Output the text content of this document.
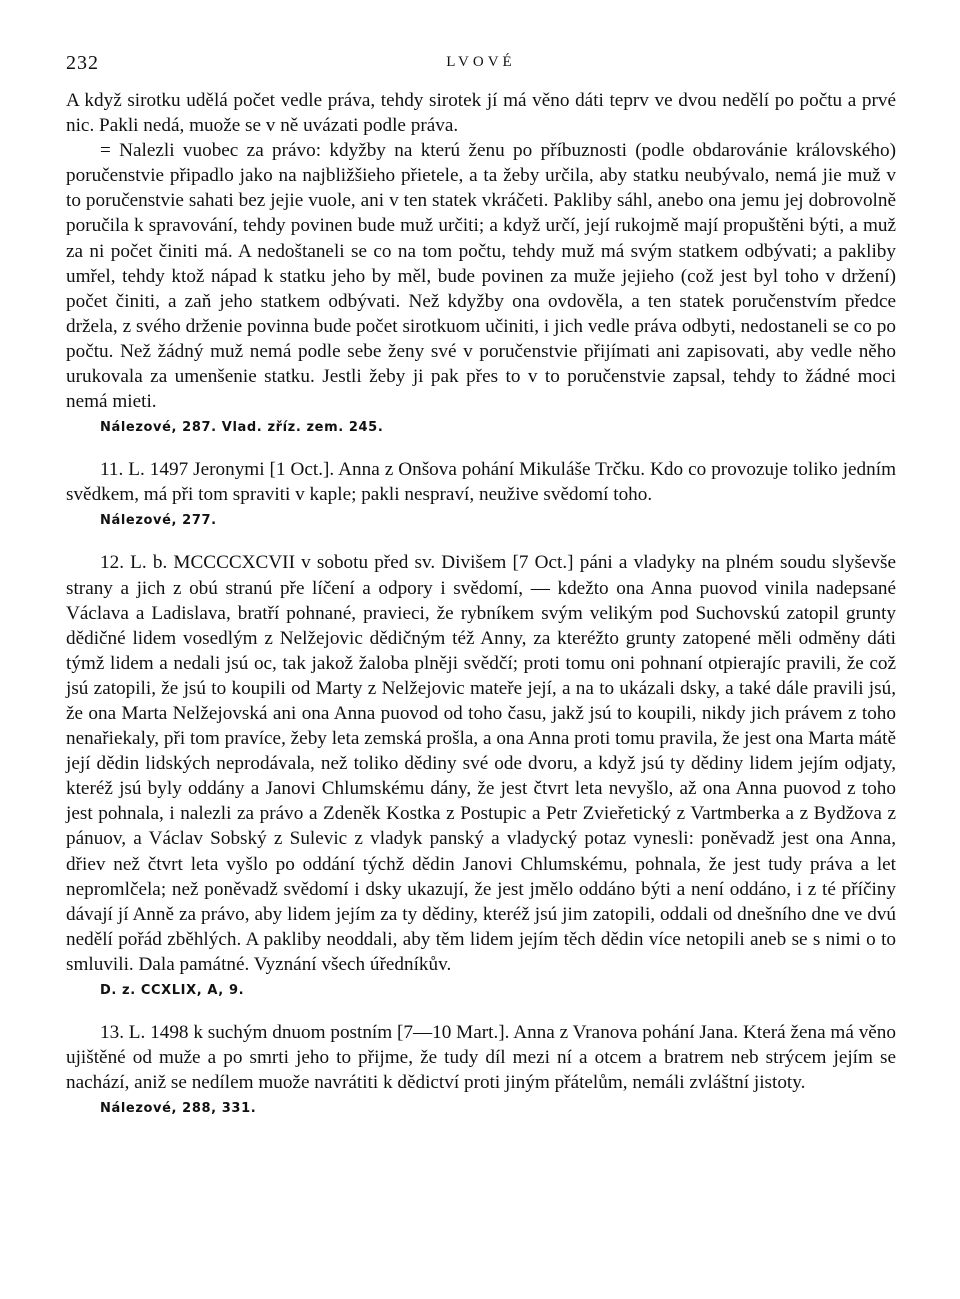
232	LVOVÉ

A když sirotku udělá počet vedle práva, tehdy sirotek jí má věno dáti teprv ve dvou nedělí po počtu a prvé nic. Pakli nedá, muože se v ně uvázati podle práva.

= Nalezli vuobec za právo: kdyžby na kterú ženu po příbuznosti (podle obdarovánie královského) poručenstvie připadlo jako na najbližšieho přietele, a ta žeby určila, aby statku neubývalo, nemá jie muž v to poručenstvie sahati bez jejie vuole, ani v ten statek vkráčeti. Pakliby sáhl, anebo ona jemu jej dobrovolně poručila k spravování, tehdy povinen bude muž určiti; a když určí, její rukojmě mají propuštěni býti, a muž za ni počet činiti má. A nedoštaneli se co na tom počtu, tehdy muž má svým statkem odbývati; a pakliby umřel, tehdy ktož nápad k statku jeho by měl, bude povinen za muže jejieho (což jest byl toho v držení) počet činiti, a zaň jeho statkem odbývati. Než kdyžby ona ovdověla, a ten statek poručenstvím předce držela, z svého drženie povinna bude počet sirotkuom učiniti, i jich vedle práva odbyti, nedostaneli se co po počtu. Než žádný muž nemá podle sebe ženy své v poručenstvie přijímati ani zapisovati, aby vedle něho urukovala za umenšenie statku. Jestli žeby ji pak přes to v to poručenstvie zapsal, tehdy to žádné moci nemá mieti.

Nálezové, 287. Vlad. zříz. zem. 245.

11. L. 1497 Jeronymi [1 Oct.]. Anna z Onšova pohání Mikuláše Trčku. Kdo co provozuje toliko jedním svědkem, má při tom spraviti v kaple; pakli nespraví, neužive svědomí toho.

Nálezové, 277.

12. L. b. MCCCCXCVII v sobotu před sv. Divišem [7 Oct.] páni a vladyky na plném soudu slyševše strany a jich z obú stranú pře líčení a odpory i svědomí, — kdežto ona Anna puovod vinila nadepsané Václava a Ladislava, bratří pohnané, pravieci, že rybníkem svým velikým pod Suchovskú zatopil grunty dědičné lidem vosedlým z Nelžejovic dědičným též Anny, za kteréžto grunty zatopené měli odměny dáti týmž lidem a nedali jsú oc, tak jakož žaloba plněji svědčí; proti tomu oni pohnaní otpierajíc pravili, že což jsú zatopili, že jsú to koupili od Marty z Nelžejovic mateře její, a na to ukázali dsky, a také dále pravili jsú, že ona Marta Nelžejovská ani ona Anna puovod od toho času, jakž jsú to koupili, nikdy jich právem z toho nenařiekaly, při tom pravíce, žeby leta zemská prošla, a ona Anna proti tomu pravila, že jest ona Marta mátě její dědin lidských neprodávala, než toliko dědiny své ode dvoru, a když jsú ty dědiny lidem jejím odjaty, kteréž jsú byly oddány a Janovi Chlumskému dány, že jest čtvrt leta nevyšlo, až ona Anna puovod z toho jest pohnala, i nalezli za právo a Zdeněk Kostka z Postupic a Petr Zvieřetický z Vartmberka a z Bydžova z pánuov, a Václav Sobský z Sulevic z vladyk panský a vladycký potaz vynesli: poněvadž jest ona Anna, dřiev než čtvrt leta vyšlo po oddání týchž dědin Janovi Chlumskému, pohnala, že jest tudy práva a let nepromlčela; než poněvadž svědomí i dsky ukazují, že jest jmělo oddáno býti a není oddáno, i z té příčiny dávají jí Anně za právo, aby lidem jejím za ty dědiny, kteréž jsú jim zatopili, oddali od dnešního dne ve dvú nedělí pořád zběhlých. A pakliby neoddali, aby těm lidem jejím těch dědin více netopili aneb se s nimi o to smluvili. Dala památné. Vyznání všech úředníkův.

D. z. CCXLIX, A, 9.

13. L. 1498 k suchým dnuom postním [7—10 Mart.]. Anna z Vranova pohání Jana. Která žena má věno ujištěné od muže a po smrti jeho to přijme, že tudy díl mezi ní a otcem a bratrem neb strýcem jejím se nachází, aniž se nedílem muože navrátiti k dědictví proti jiným přátelům, nemáli zvláštní jistoty.

Nálezové, 288, 331.
